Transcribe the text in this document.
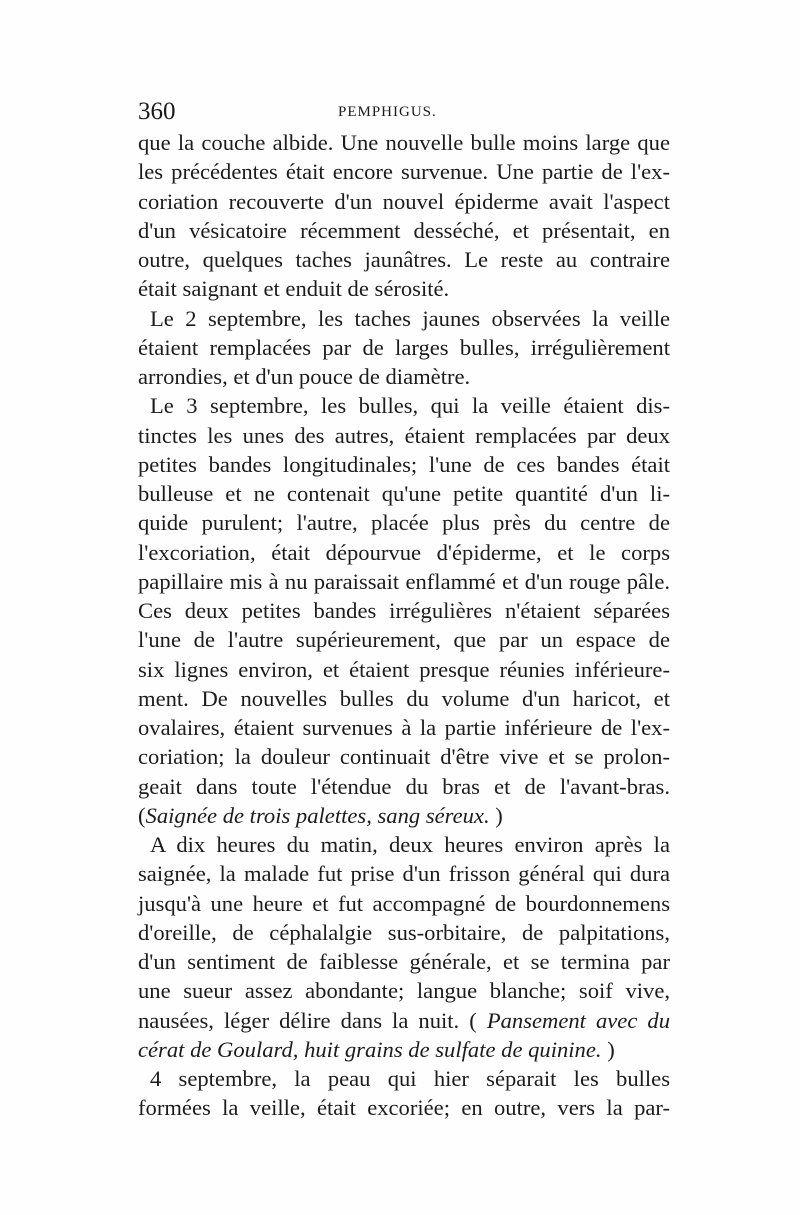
360	PEMPHIGUS.
que la couche albide. Une nouvelle bulle moins large que
les précédentes était encore survenue. Une partie de l'ex-
coriation recouverte d'un nouvel épiderme avait l'aspect
d'un vésicatoire récemment desséché, et présentait, en
outre, quelques taches jaunâtres. Le reste au contraire
était saignant et enduit de sérosité.
Le 2 septembre, les taches jaunes observées la veille
étaient remplacées par de larges bulles, irrégulièrement
arrondies, et d'un pouce de diamètre.
Le 3 septembre, les bulles, qui la veille étaient dis-
tinctes les unes des autres, étaient remplacées par deux
petites bandes longitudinales; l'une de ces bandes était
bulleuse et ne contenait qu'une petite quantité d'un li-
quide purulent; l'autre, placée plus près du centre de
l'excoriation, était dépourvue d'épiderme, et le corps
papillaire mis à nu paraissait enflammé et d'un rouge pâle.
Ces deux petites bandes irrégulières n'étaient séparées
l'une de l'autre supérieurement, que par un espace de
six lignes environ, et étaient presque réunies inférieure-
ment. De nouvelles bulles du volume d'un haricot, et
ovalaires, étaient survenues à la partie inférieure de l'ex-
coriation; la douleur continuait d'être vive et se prolon-
geait dans toute l'étendue du bras et de l'avant-bras.
(Saignée de trois palettes, sang séreux. )
A dix heures du matin, deux heures environ après la
saignée, la malade fut prise d'un frisson général qui dura
jusqu'à une heure et fut accompagné de bourdonnemens
d'oreille, de céphalalgie sus-orbitaire, de palpitations,
d'un sentiment de faiblesse générale, et se termina par
une sueur assez abondante; langue blanche; soif vive,
nausées, léger délire dans la nuit. ( Pansement avec du
cérat de Goulard, huit grains de sulfate de quinine. )
4 septembre, la peau qui hier séparait les bulles
formées la veille, était excoriée; en outre, vers la par-
